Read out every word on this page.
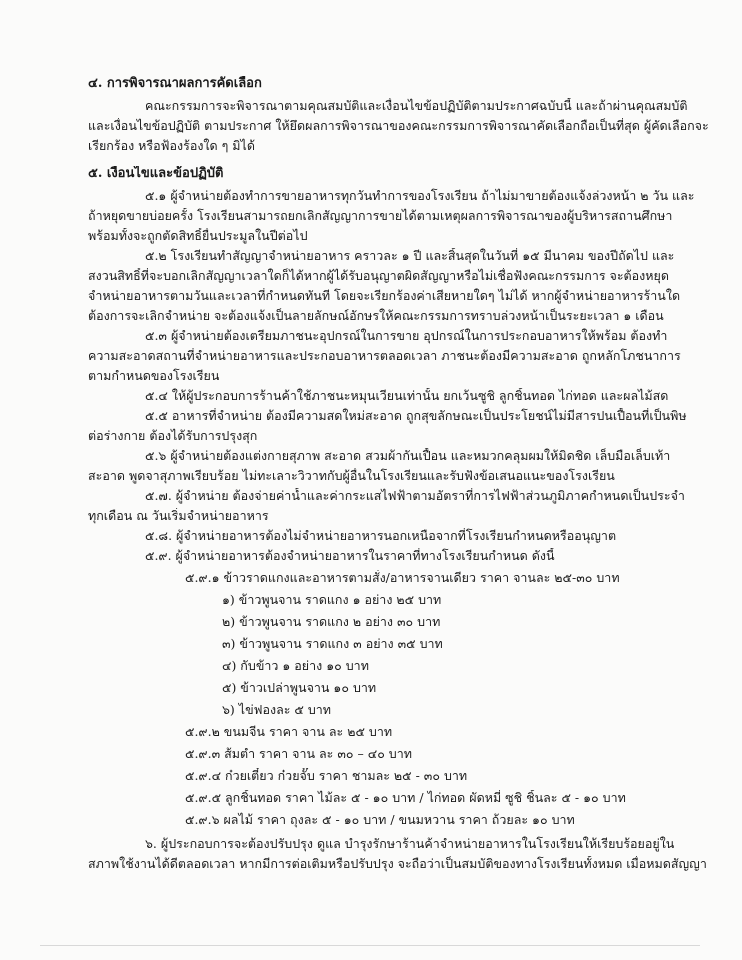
๔. การพิจารณาผลการคัดเลือก
คณะกรรมการจะพิจารณาตามคุณสมบัติและเงื่อนไขข้อปฏิบัติตามประกาศฉบับนี้ และถ้าผ่านคุณสมบัติ
และเงื่อนไขข้อปฏิบัติ ตามประกาศ ให้ยึดผลการพิจารณาของคณะกรรมการพิจารณาคัดเลือกถือเป็นที่สุด ผู้คัดเลือกจะ
เรียกร้อง หรือฟ้องร้องใด ๆ มิได้
๕. เงื่อนไขและข้อปฏิบัติ
๕.๑ ผู้จำหน่ายต้องทำการขายอาหารทุกวันทำการของโรงเรียน ถ้าไม่มาขายต้องแจ้งล่วงหน้า ๒ วัน และ
ถ้าหยุดขายบ่อยครั้ง โรงเรียนสามารถยกเลิกสัญญาการขายได้ตามเหตุผลการพิจารณาของผู้บริหารสถานศึกษา
พร้อมทั้งจะถูกตัดสิทธิ์ยื่นประมูลในปีต่อไป
๕.๒ โรงเรียนทำสัญญาจำหน่ายอาหาร คราวละ ๑ ปี และสิ้นสุดในวันที่ ๑๕ มีนาคม ของปีถัดไป และ
สงวนสิทธิ์ที่จะบอกเลิกสัญญาเวลาใดก็ได้หากผู้ได้รับอนุญาตผิดสัญญาหรือไม่เชื่อฟังคณะกรรมการ จะต้องหยุด
จำหน่ายอาหารตามวันและเวลาที่กำหนดทันที โดยจะเรียกร้องค่าเสียหายใดๆ ไม่ได้ หากผู้จำหน่ายอาหารร้านใด
ต้องการจะเลิกจำหน่าย จะต้องแจ้งเป็นลายลักษณ์อักษรให้คณะกรรมการทราบล่วงหน้าเป็นระยะเวลา ๑ เดือน
๕.๓ ผู้จำหน่ายต้องเตรียมภาชนะอุปกรณ์ในการขาย อุปกรณ์ในการประกอบอาหารให้พร้อม ต้องทำ
ความสะอาดสถานที่จำหน่ายอาหารและประกอบอาหารตลอดเวลา ภาชนะต้องมีความสะอาด ถูกหลักโภชนาการ
ตามกำหนดของโรงเรียน
๕.๔ ให้ผู้ประกอบการร้านค้าใช้ภาชนะหมุนเวียนเท่านั้น ยกเว้นซูชิ ลูกชิ้นทอด ไก่ทอด และผลไม้สด
๕.๕ อาหารที่จำหน่าย ต้องมีความสดใหม่สะอาด ถูกสุขลักษณะเป็นประโยชน์ไม่มีสารปนเปื้อนที่เป็นพิษ
ต่อร่างกาย ต้องได้รับการปรุงสุก
๕.๖ ผู้จำหน่ายต้องแต่งกายสุภาพ สะอาด สวมผ้ากันเปื้อน และหมวกคลุมผมให้มิดชิด เล็บมือเล็บเท้า
สะอาด พูดจาสุภาพเรียบร้อย ไม่ทะเลาะวิวาทกับผู้อื่นในโรงเรียนและรับฟังข้อเสนอแนะของโรงเรียน
๕.๗. ผู้จำหน่าย ต้องจ่ายค่าน้ำและค่ากระแสไฟฟ้าตามอัตราที่การไฟฟ้าส่วนภูมิภาคกำหนดเป็นประจำ
ทุกเดือน ณ วันเริ่มจำหน่ายอาหาร
๕.๘. ผู้จำหน่ายอาหารต้องไม่จำหน่ายอาหารนอกเหนือจากที่โรงเรียนกำหนดหรืออนุญาต
๕.๙. ผู้จำหน่ายอาหารต้องจำหน่ายอาหารในราคาที่ทางโรงเรียนกำหนด ดังนี้
๕.๙.๑ ข้าวราดแกงและอาหารตามสั่ง/อาหารจานเดียว ราคา จานละ ๒๕-๓๐ บาท
๑) ข้าวพูนจาน ราดแกง ๑ อย่าง ๒๕ บาท
๒) ข้าวพูนจาน ราดแกง ๒ อย่าง ๓๐ บาท
๓) ข้าวพูนจาน ราดแกง ๓ อย่าง ๓๕ บาท
๔) กับข้าว ๑ อย่าง ๑๐ บาท
๕) ข้าวเปล่าพูนจาน ๑๐ บาท
๖) ไข่ฟองละ ๕ บาท
๕.๙.๒ ขนมจีน ราคา จาน ละ ๒๕ บาท
๕.๙.๓ ส้มตำ ราคา จาน ละ ๓๐ – ๔๐ บาท
๕.๙.๔ ก๋วยเตี๋ยว ก๋วยจั๊บ ราคา ชามละ ๒๕ - ๓๐ บาท
๕.๙.๕ ลูกชิ้นทอด ราคา ไม้ละ ๕ - ๑๐ บาท / ไก่ทอด ผัดหมี่ ซูชิ ชิ้นละ ๕ - ๑๐ บาท
๕.๙.๖ ผลไม้ ราคา ถุงละ ๕ - ๑๐ บาท / ขนมหวาน ราคา ถ้วยละ ๑๐ บาท
๖. ผู้ประกอบการจะต้องปรับปรุง ดูแล บำรุงรักษาร้านค้าจำหน่ายอาหารในโรงเรียนให้เรียบร้อยอยู่ใน
สภาพใช้งานได้ดีตลอดเวลา หากมีการต่อเติมหรือปรับปรุง จะถือว่าเป็นสมบัติของทางโรงเรียนทั้งหมด เมื่อหมดสัญญา
